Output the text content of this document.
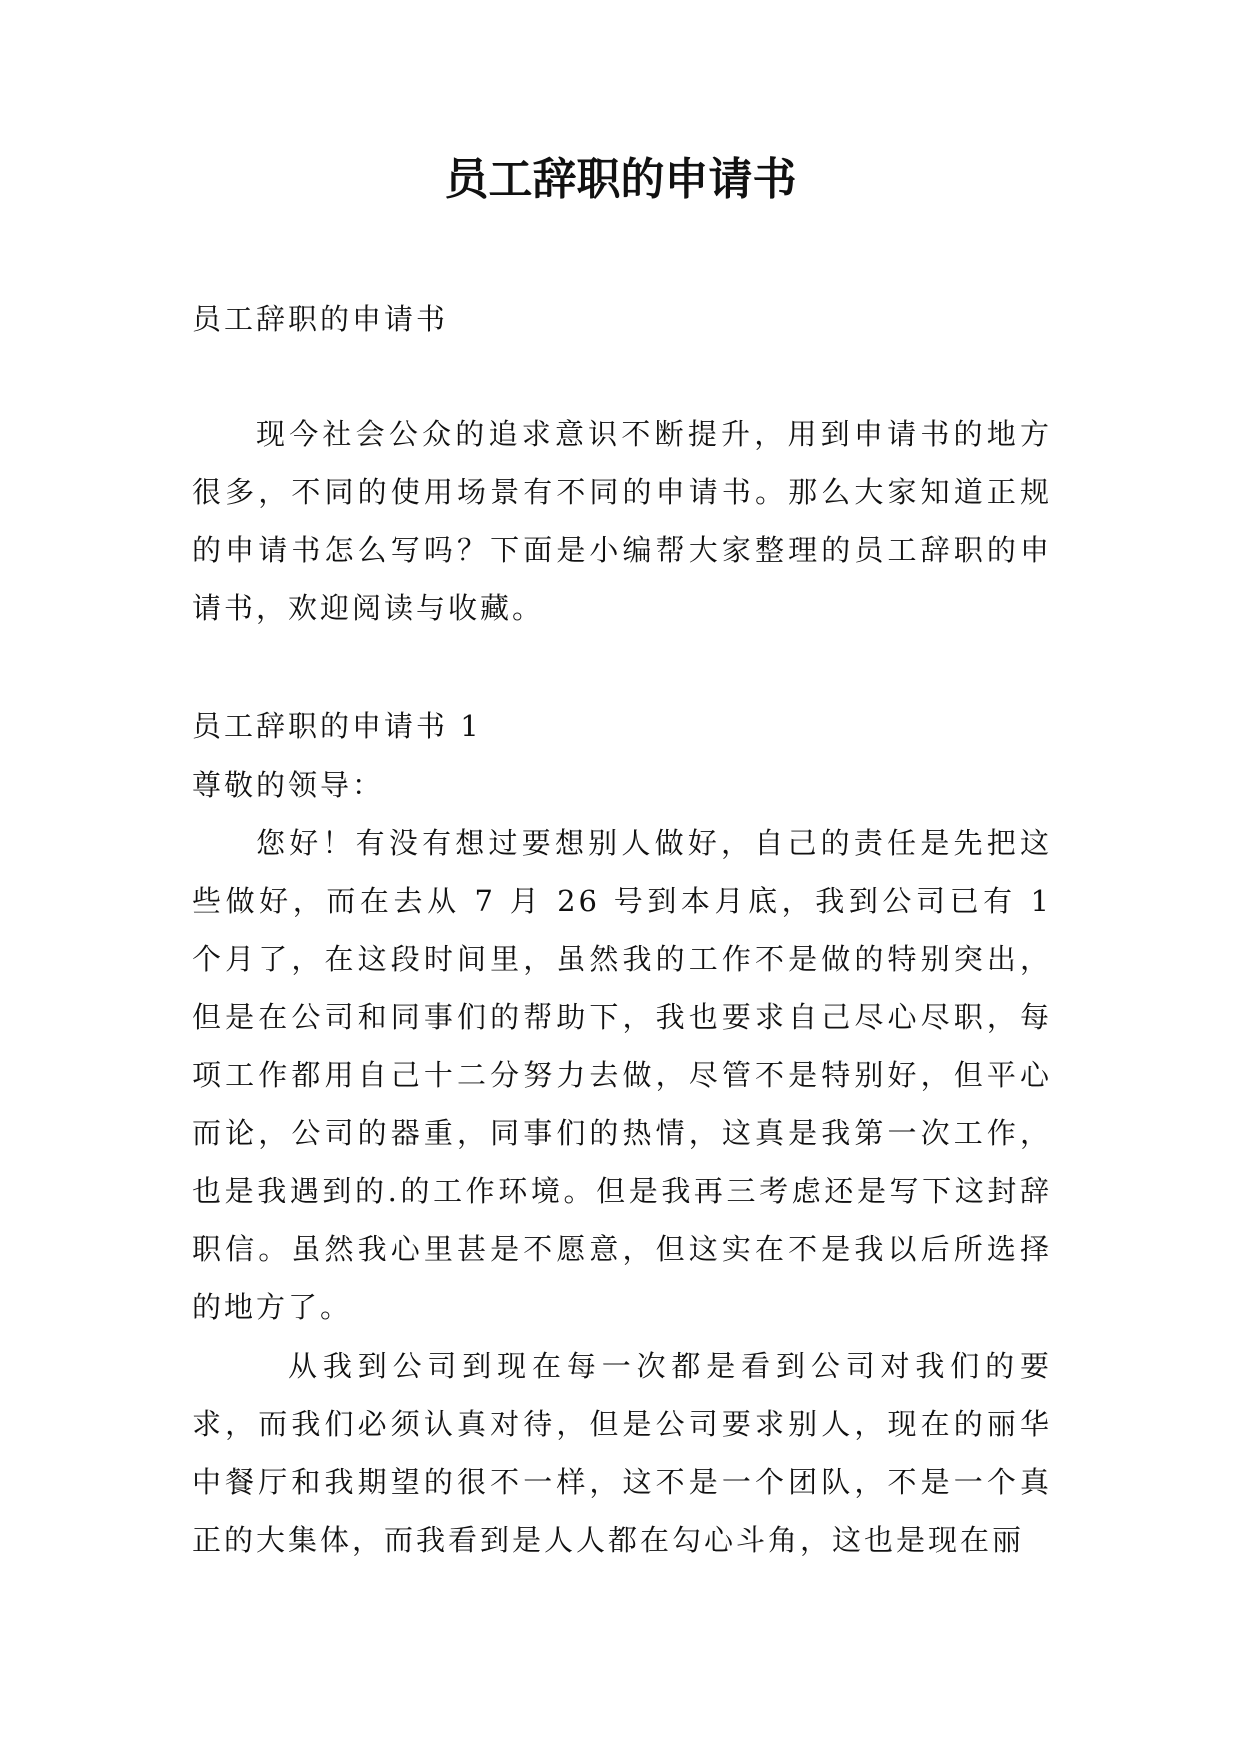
员工辞职的申请书

员工辞职的申请书

现今社会公众的追求意识不断提升，用到申请书的地方很多，不同的使用场景有不同的申请书。那么大家知道正规的申请书怎么写吗？下面是小编帮大家整理的员工辞职的申请书，欢迎阅读与收藏。

员工辞职的申请书 1

尊敬的领导：

您好！有没有想过要想别人做好，自己的责任是先把这些做好，而在去从 7 月 26 号到本月底，我到公司已有 1 个月了，在这段时间里，虽然我的工作不是做的特别突出，但是在公司和同事们的帮助下，我也要求自己尽心尽职，每项工作都用自己十二分努力去做，尽管不是特别好，但平心而论，公司的器重，同事们的热情，这真是我第一次工作，也是我遇到的.的工作环境。但是我再三考虑还是写下这封辞职信。虽然我心里甚是不愿意，但这实在不是我以后所选择的地方了。

从我到公司到现在每一次都是看到公司对我们的要求，而我们必须认真对待，但是公司要求别人，现在的丽华中餐厅和我期望的很不一样，这不是一个团队，不是一个真正的大集体，而我看到是人人都在勾心斗角，这也是现在丽
